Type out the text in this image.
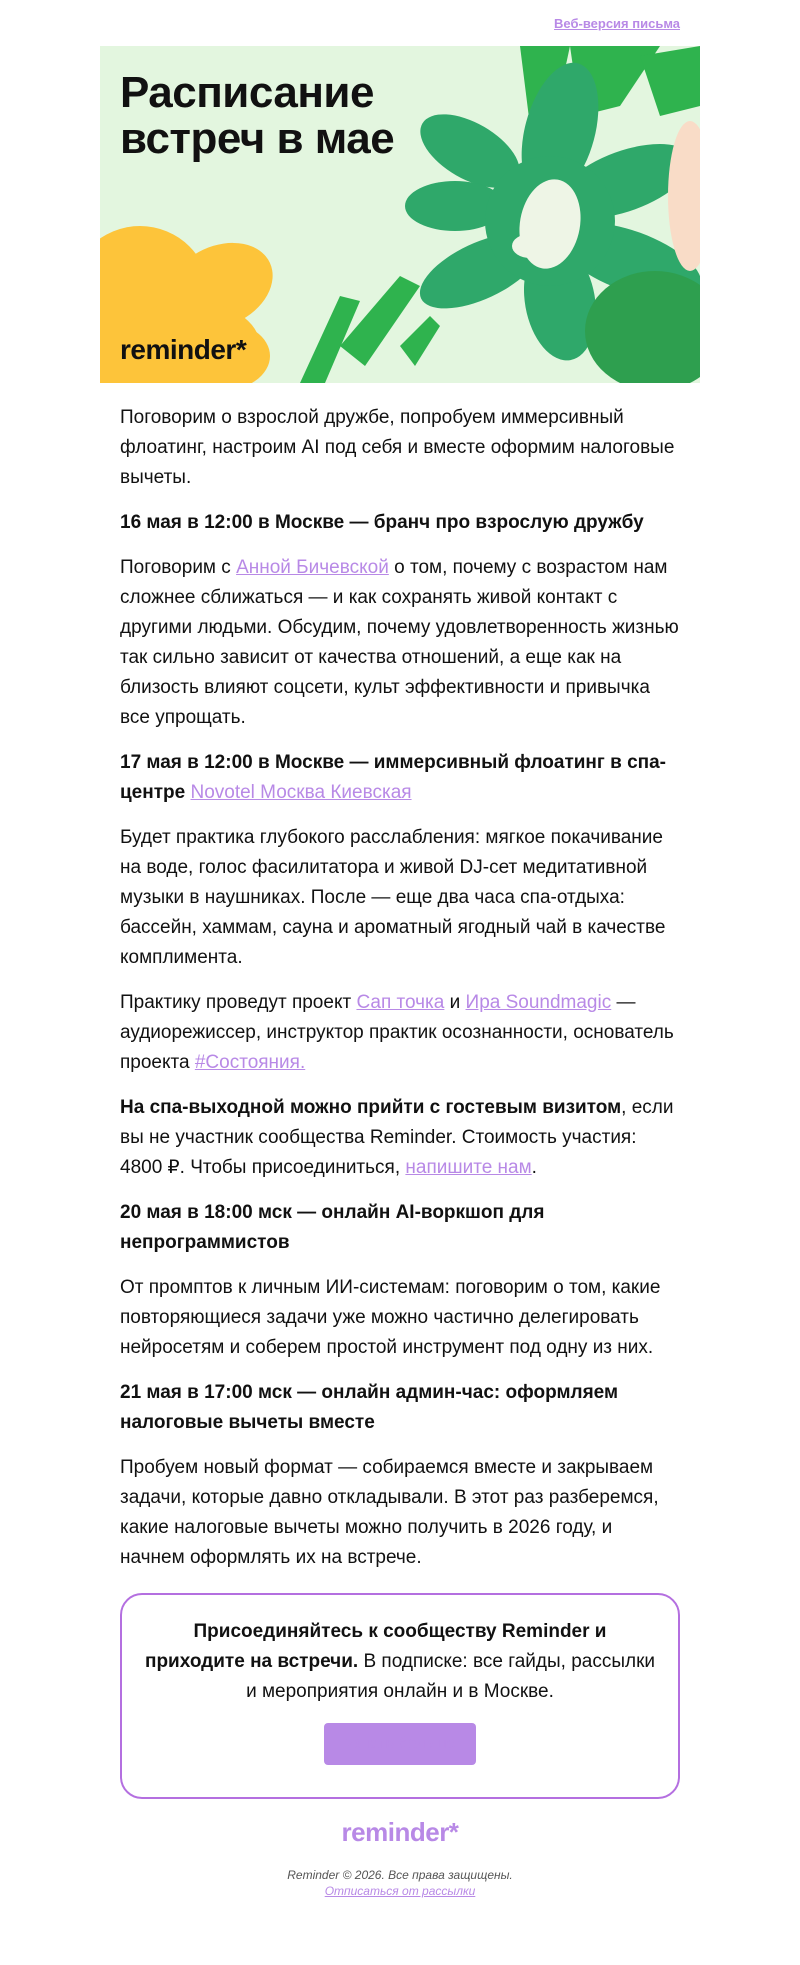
Веб-версия письма
Расписание
встреч в мае
reminder*

Поговорим о взрослой дружбе, попробуем иммерсивный флоатинг, настроим AI под себя и вместе оформим налоговые вычеты.

16 мая в 12:00 в Москве — бранч про взрослую дружбу

Поговорим с Анной Бичевской о том, почему с возрастом нам сложнее сближаться — и как сохранять живой контакт с другими людьми. Обсудим, почему удовлетворенность жизнью так сильно зависит от качества отношений, а еще как на близость влияют соцсети, культ эффективности и привычка все упрощать.

17 мая в 12:00 в Москве — иммерсивный флоатинг в спа-центре Novotel Москва Киевская

Будет практика глубокого расслабления: мягкое покачивание на воде, голос фасилитатора и живой DJ-сет медитативной музыки в наушниках. После — еще два часа спа-отдыха: бассейн, хаммам, сауна и ароматный ягодный чай в качестве комплимента.

Практику проведут проект Сап точка и Ира Soundmagic — аудиорежиссер, инструктор практик осознанности, основатель проекта #Состояния.

На спа-выходной можно прийти с гостевым визитом, если вы не участник сообщества Reminder. Стоимость участия: 4800 ₽. Чтобы присоединиться, напишите нам.

20 мая в 18:00 мск — онлайн AI-воркшоп для непрограммистов

От промптов к личным ИИ-системам: поговорим о том, какие повторяющиеся задачи уже можно частично делегировать нейросетям и соберем простой инструмент под одну из них.

21 мая в 17:00 мск — онлайн админ-час: оформляем налоговые вычеты вместе

Пробуем новый формат — собираемся вместе и закрываем задачи, которые давно откладывали. В этот раз разберемся, какие налоговые вычеты можно получить в 2026 году, и начнем оформлять их на встрече.

Присоединяйтесь к сообществу Reminder и приходите на встречи. В подписке: все гайды, рассылки и мероприятия онлайн и в Москве.

Узнать больше
reminder*
Reminder © 2026. Все права защищены.
Отписаться от рассылки
